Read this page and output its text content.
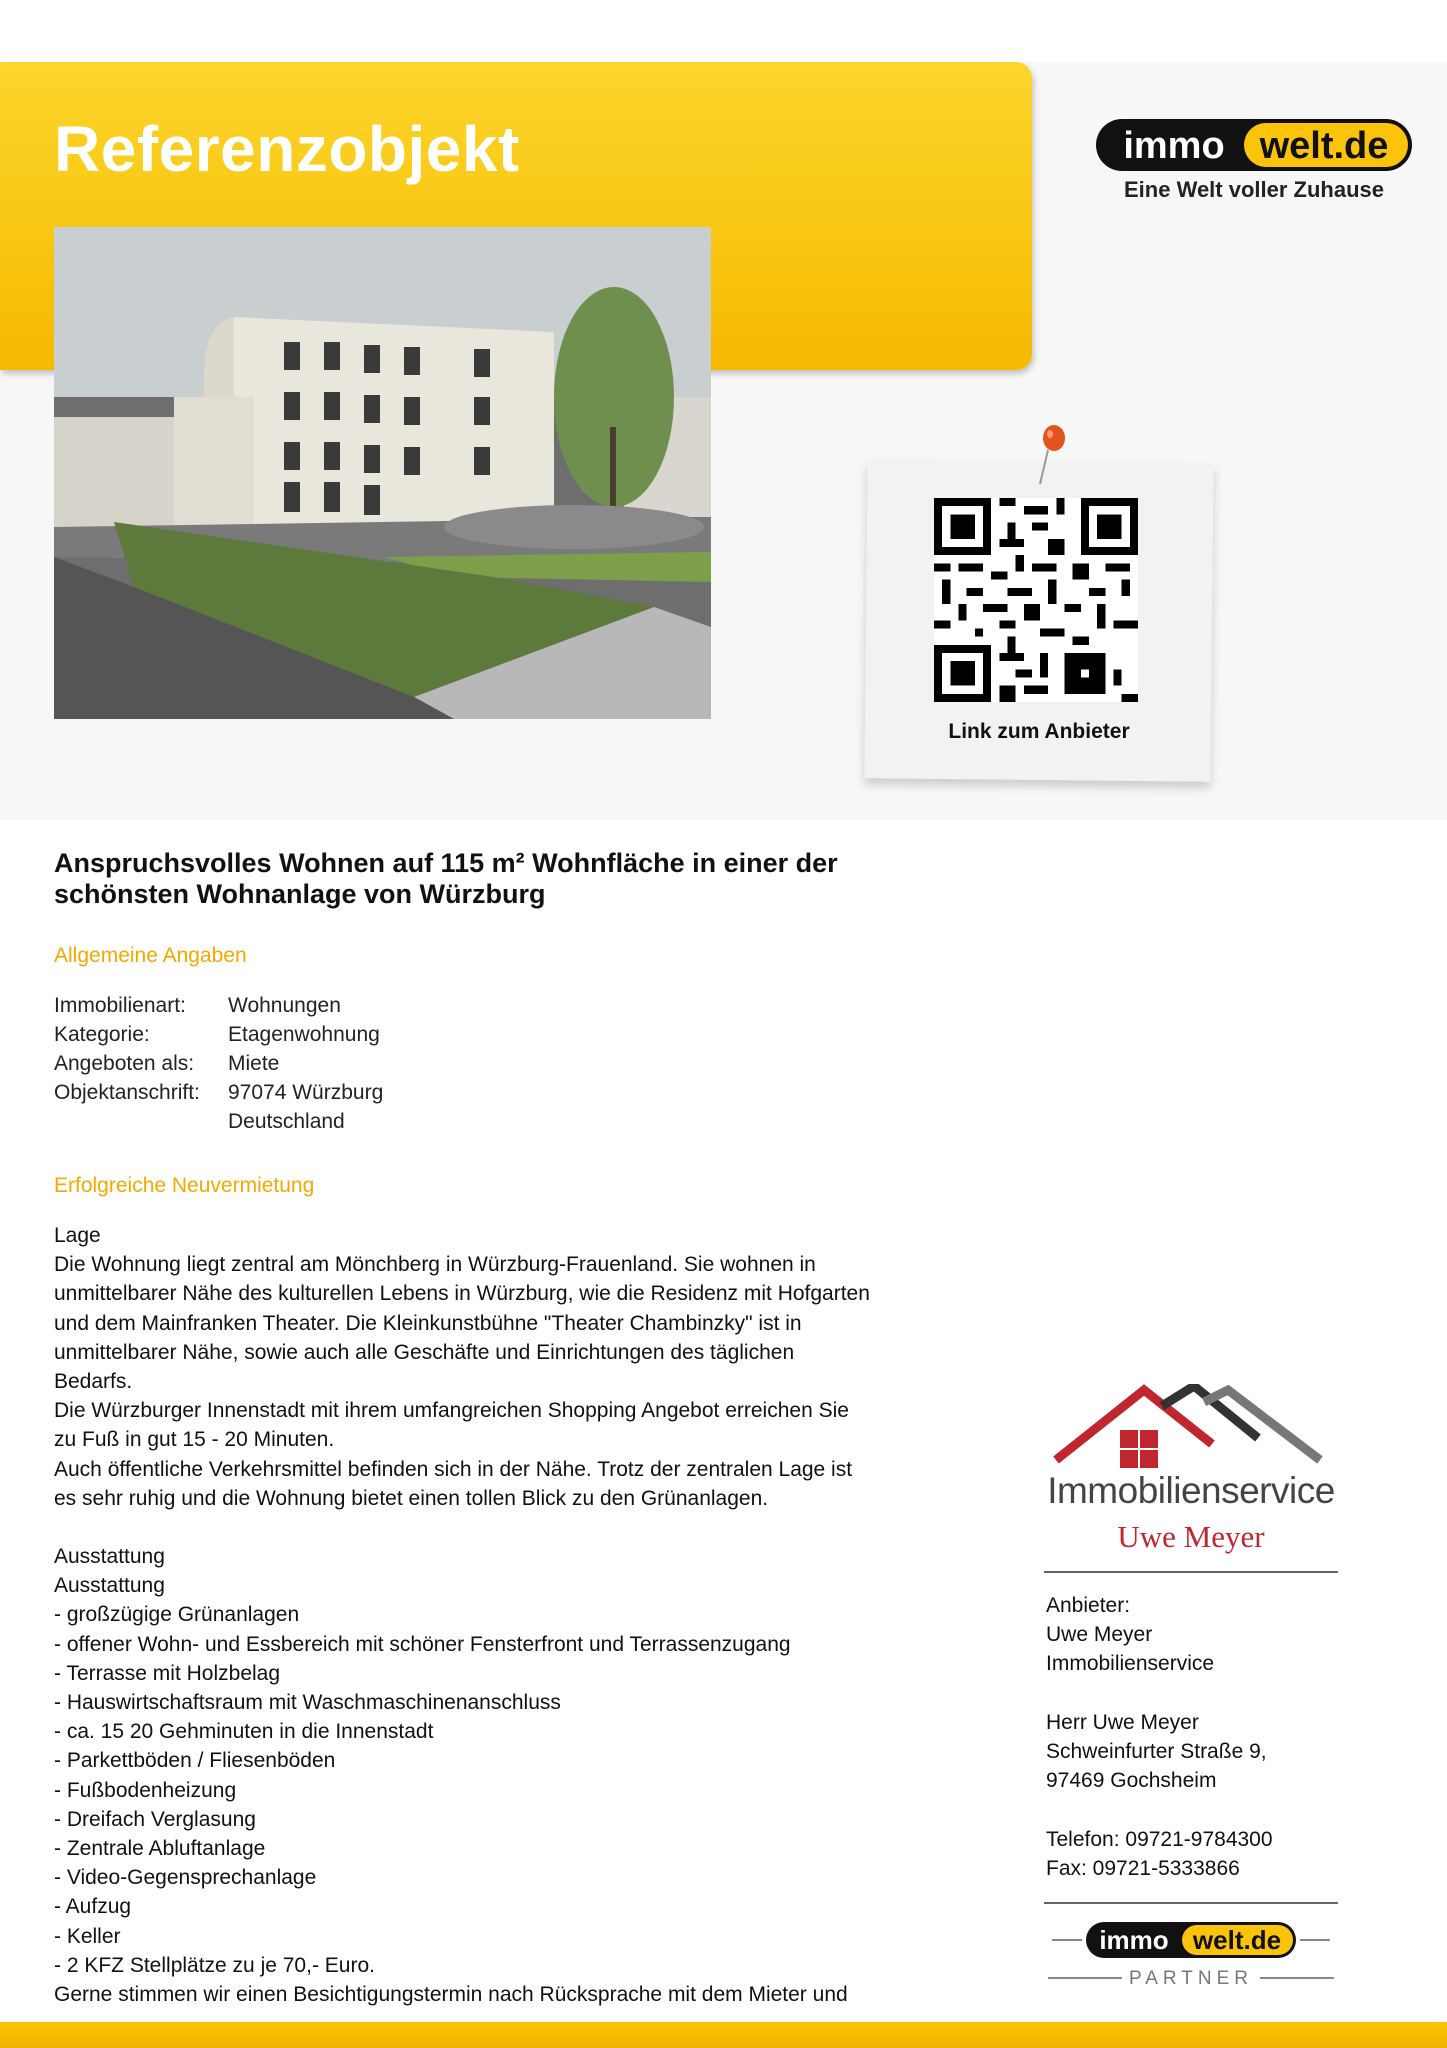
Referenzobjekt	immo welt.de
Eine Welt voller Zuhause
Link zum Anbieter
Anspruchsvolles Wohnen auf 115 m² Wohnfläche in einer der
schönsten Wohnanlage von Würzburg
Allgemeine Angaben
Immobilienart:	Wohnungen
Kategorie:	Etagenwohnung
Angeboten als:	Miete
Objektanschrift:	97074 Würzburg
Deutschland
Erfolgreiche Neuvermietung
Lage
Die Wohnung liegt zentral am Mönchberg in Würzburg-Frauenland. Sie wohnen in
unmittelbarer Nähe des kulturellen Lebens in Würzburg, wie die Residenz mit Hofgarten
und dem Mainfranken Theater. Die Kleinkunstbühne "Theater Chambinzky" ist in
unmittelbarer Nähe, sowie auch alle Geschäfte und Einrichtungen des täglichen
Bedarfs.
Die Würzburger Innenstadt mit ihrem umfangreichen Shopping Angebot erreichen Sie
zu Fuß in gut 15 - 20 Minuten.
Auch öffentliche Verkehrsmittel befinden sich in der Nähe. Trotz der zentralen Lage ist
es sehr ruhig und die Wohnung bietet einen tollen Blick zu den Grünanlagen.
Ausstattung
Ausstattung
- großzügige Grünanlagen
- offener Wohn- und Essbereich mit schöner Fensterfront und Terrassenzugang
- Terrasse mit Holzbelag
- Hauswirtschaftsraum mit Waschmaschinenanschluss
- ca. 15 20 Gehminuten in die Innenstadt
- Parkettböden / Fliesenböden
- Fußbodenheizung
- Dreifach Verglasung
- Zentrale Abluftanlage
- Video-Gegensprechanlage
- Aufzug
- Keller
- 2 KFZ Stellplätze zu je 70,- Euro.
Gerne stimmen wir einen Besichtigungstermin nach Rücksprache mit dem Mieter und
Immobilienservice
Uwe Meyer
Anbieter:
Uwe Meyer
Immobilienservice
Herr Uwe Meyer
Schweinfurter Straße 9,
97469 Gochsheim
Telefon: 09721-9784300
Fax: 09721-5333866
immo welt.de
PARTNER
